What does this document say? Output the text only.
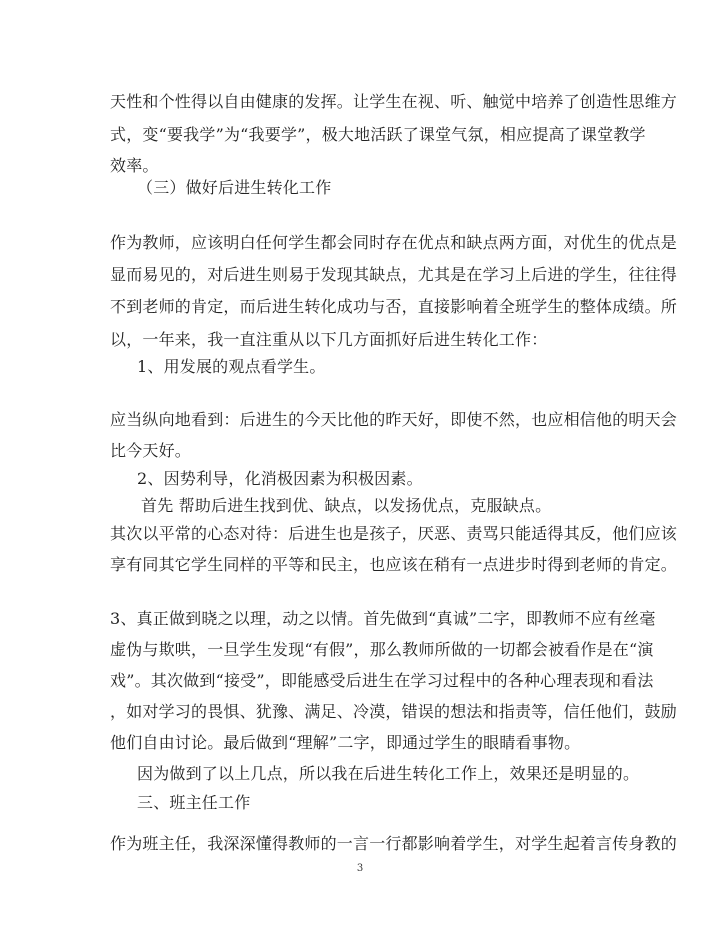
天性和个性得以自由健康的发挥。让学生在视、听、触觉中培养了创造性思维方
式，变“要我学”为“我要学”，极大地活跃了课堂气氛，相应提高了课堂教学
效率。
（三）做好后进生转化工作
作为教师，应该明白任何学生都会同时存在优点和缺点两方面，对优生的优点是
显而易见的，对后进生则易于发现其缺点，尤其是在学习上后进的学生，往往得
不到老师的肯定，而后进生转化成功与否，直接影响着全班学生的整体成绩。所
以，一年来，我一直注重从以下几方面抓好后进生转化工作：
1、用发展的观点看学生。
应当纵向地看到：后进生的今天比他的昨天好，即使不然，也应相信他的明天会
比今天好。
2、因势利导，化消极因素为积极因素。
首先 帮助后进生找到优、缺点，以发扬优点，克服缺点。
其次以平常的心态对待：后进生也是孩子，厌恶、责骂只能适得其反，他们应该
享有同其它学生同样的平等和民主，也应该在稍有一点进步时得到老师的肯定。
3、真正做到晓之以理，动之以情。首先做到“真诚”二字，即教师不应有丝毫
虚伪与欺哄，一旦学生发现“有假”，那么教师所做的一切都会被看作是在“演
戏”。其次做到“接受”，即能感受后进生在学习过程中的各种心理表现和看法
，如对学习的畏惧、犹豫、满足、冷漠，错误的想法和指责等，信任他们，鼓励
他们自由讨论。最后做到“理解”二字，即通过学生的眼睛看事物。
因为做到了以上几点，所以我在后进生转化工作上，效果还是明显的。
三、班主任工作
作为班主任，我深深懂得教师的一言一行都影响着学生，对学生起着言传身教的
3
